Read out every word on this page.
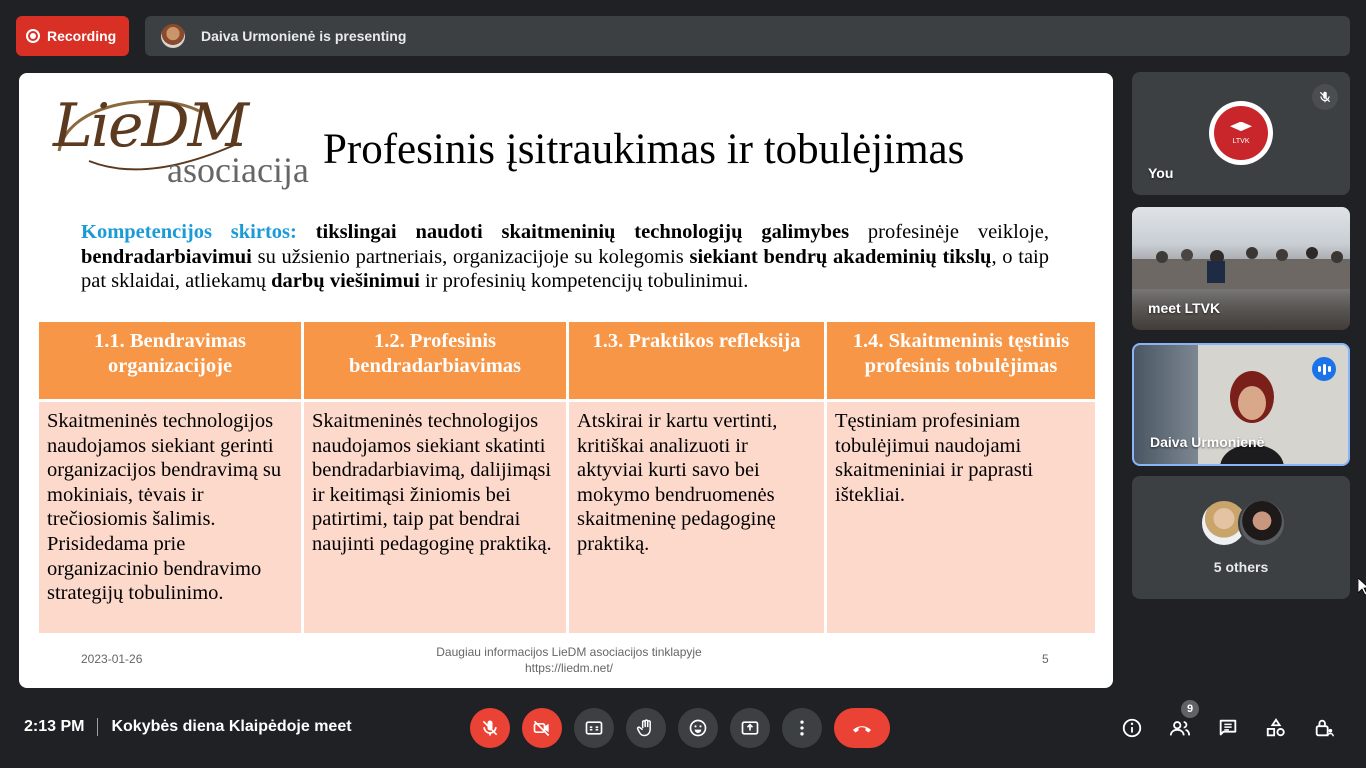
Recording	Daiva Urmonienė is presenting
LieDM
asociacija Profesinis įsitraukimas ir tobulėjimas
Kompetencijos skirtos: tikslingai naudoti skaitmeninių technologijų galimybes profesinėje veikloje, bendradarbiavimui su užsienio partneriais, organizacijoje su kolegomis siekiant bendrų akademinių tikslų, o taip pat sklaidai, atliekamų darbų viešinimui ir profesinių kompetencijų tobulinimui.
1.1. Bendravimas organizacijoje
Skaitmeninės technologijos naudojamos siekiant gerinti organizacijos bendravimą su mokiniais, tėvais ir trečiosiomis šalimis. Prisidedama prie organizacinio bendravimo strategijų tobulinimo.
1.2. Profesinis bendradarbiavimas
Skaitmeninės technologijos naudojamos siekiant skatinti bendradarbiavimą, dalijimąsi ir keitimąsi žiniomis bei patirtimi, taip pat bendrai naujinti pedagoginę praktiką.
1.3. Praktikos refleksija
Atskirai ir kartu vertinti, kritiškai analizuoti ir aktyviai kurti savo bei mokymo bendruomenės skaitmeninę pedagoginę praktiką.
1.4. Skaitmeninis tęstinis profesinis tobulėjimas
Tęstiniam profesiniam tobulėjimui naudojami skaitmeniniai ir paprasti ištekliai.
2023-01-26	Daugiau informacijos LieDM asociacijos tinklapyje
https://liedm.net/
5
LTVK
You
meet LTVK
Daiva Urmonienė
5 others
2:13 PM Kokybės diena Klaipėdoje meet
9
